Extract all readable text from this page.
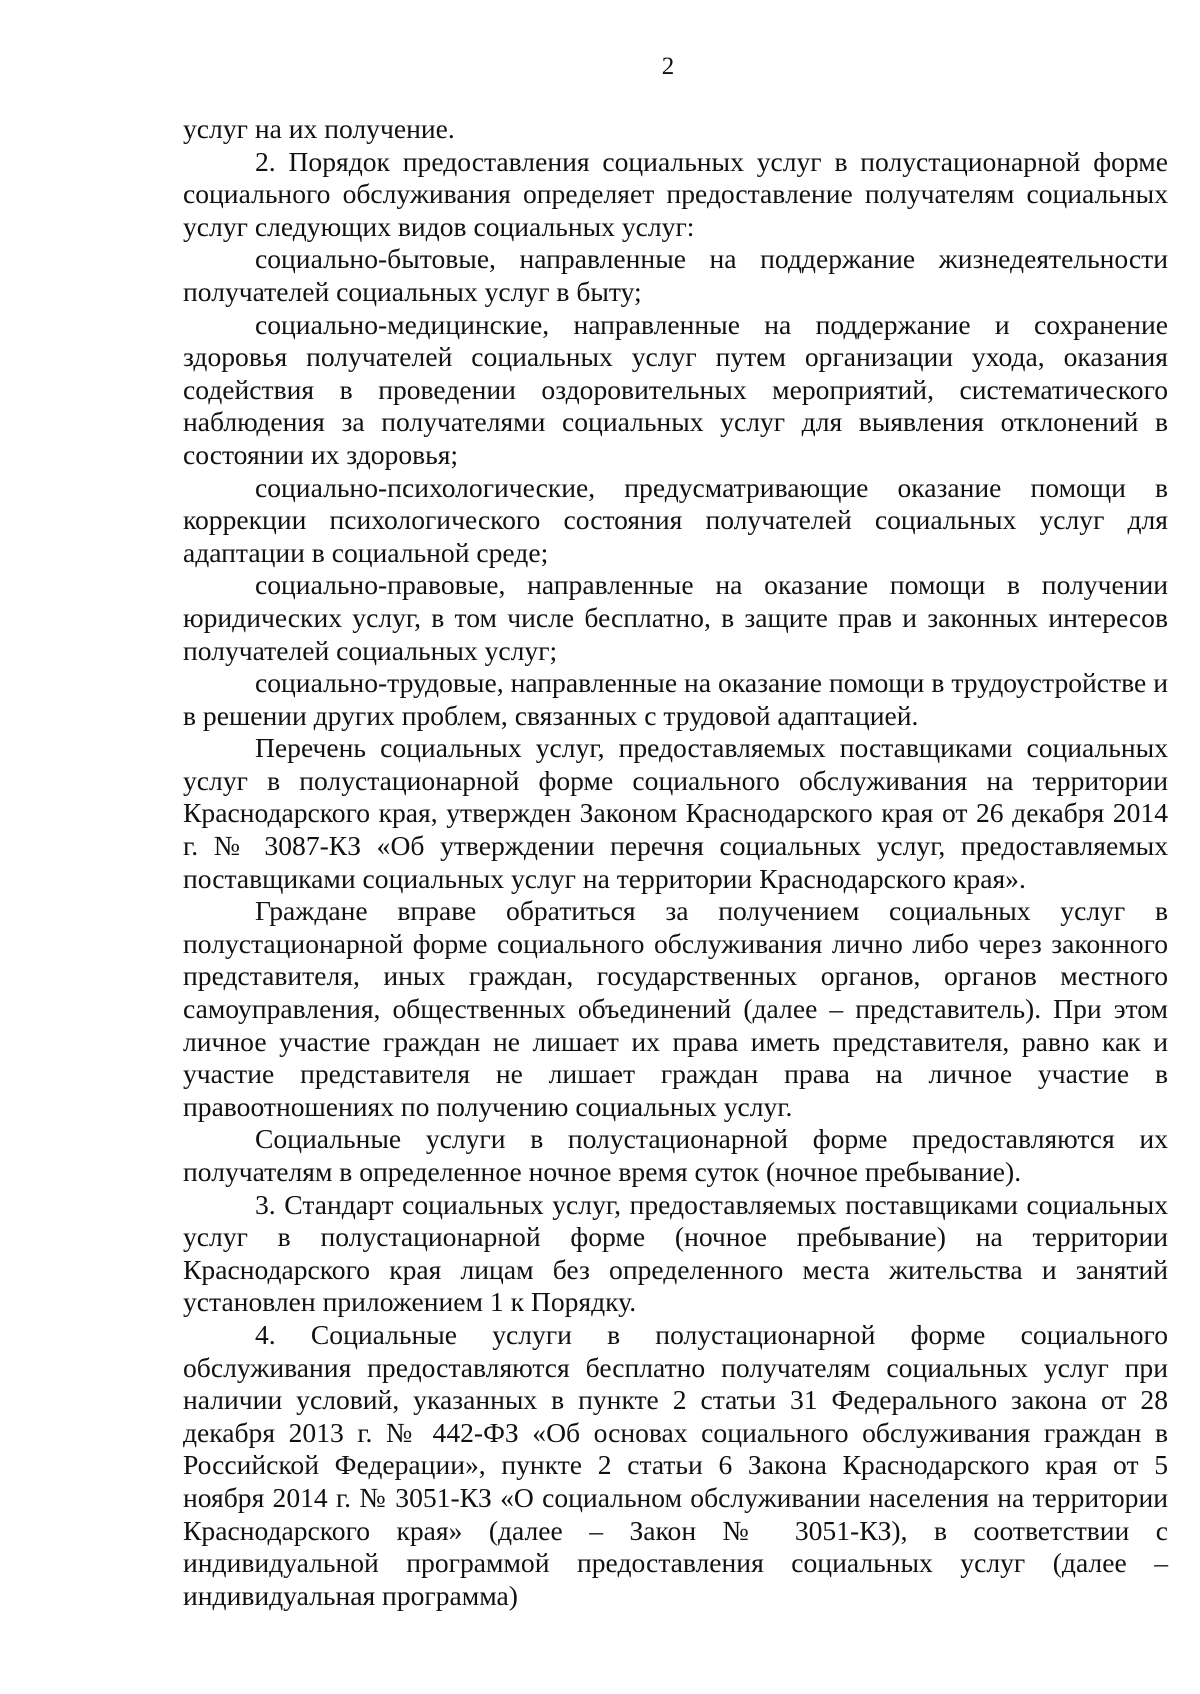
2

услуг на их получение.

2. Порядок предоставления социальных услуг в полустационарной форме социального обслуживания определяет предоставление получателям социальных услуг следующих видов социальных услуг:

социально-бытовые, направленные на поддержание жизнедеятельности получателей социальных услуг в быту;

социально-медицинские, направленные на поддержание и сохранение здоровья получателей социальных услуг путем организации ухода, оказания содействия в проведении оздоровительных мероприятий, систематического наблюдения за получателями социальных услуг для выявления отклонений в состоянии их здоровья;

социально-психологические, предусматривающие оказание помощи в коррекции психологического состояния получателей социальных услуг для адаптации в социальной среде;

социально-правовые, направленные на оказание помощи в получении юридических услуг, в том числе бесплатно, в защите прав и законных интересов получателей социальных услуг;

социально-трудовые, направленные на оказание помощи в трудоустройстве и в решении других проблем, связанных с трудовой адаптацией.

Перечень социальных услуг, предоставляемых поставщиками социальных услуг в полустационарной форме социального обслуживания на территории Краснодарского края, утвержден Законом Краснодарского края от 26 декабря 2014 г. № 3087-КЗ «Об утверждении перечня социальных услуг, предоставляемых поставщиками социальных услуг на территории Краснодарского края».

Граждане вправе обратиться за получением социальных услуг в полустационарной форме социального обслуживания лично либо через законного представителя, иных граждан, государственных органов, органов местного самоуправления, общественных объединений (далее – представитель). При этом личное участие граждан не лишает их права иметь представителя, равно как и участие представителя не лишает граждан права на личное участие в правоотношениях по получению социальных услуг.

Социальные услуги в полустационарной форме предоставляются их получателям в определенное ночное время суток (ночное пребывание).

3. Стандарт социальных услуг, предоставляемых поставщиками социальных услуг в полустационарной форме (ночное пребывание) на территории Краснодарского края лицам без определенного места жительства и занятий установлен приложением 1 к Порядку.

4. Социальные услуги в полустационарной форме социального обслуживания предоставляются бесплатно получателям социальных услуг при наличии условий, указанных в пункте 2 статьи 31 Федерального закона от 28 декабря 2013 г. № 442-ФЗ «Об основах социального обслуживания граждан в Российской Федерации», пункте 2 статьи 6 Закона Краснодарского края от 5 ноября 2014 г. № 3051-КЗ «О социальном обслуживании населения на территории Краснодарского края» (далее – Закон № 3051-КЗ), в соответствии с индивидуальной программой предоставления социальных услуг (далее – индивидуальная программа)
